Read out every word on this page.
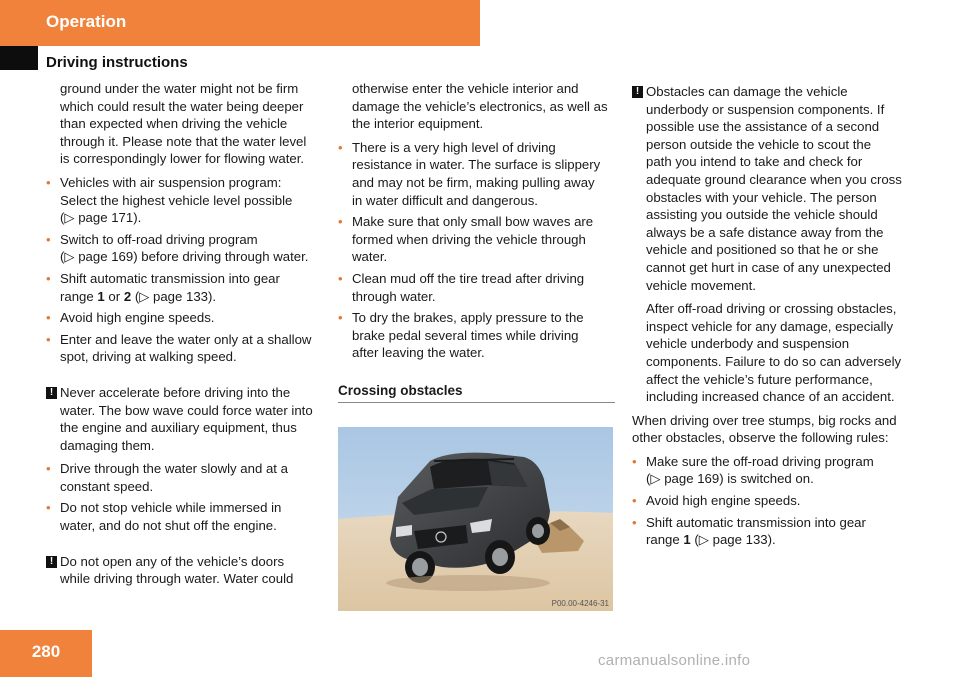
Operation
Driving instructions

ground under the water might not be firm

which could result the water being deeper

than expected when driving the vehicle

through it. Please note that the water level

is correspondingly lower for flowing water.

• Vehicles with air suspension program:

Select the highest vehicle level possible

(▷ page 171).

• Switch to off-road driving program

(▷ page 169) before driving through water.

• Shift automatic transmission into gear

range 1 or 2 (▷ page 133).

• Avoid high engine speeds.

• Enter and leave the water only at a shallow

spot, driving at walking speed.

! Never accelerate before driving into the

water. The bow wave could force water into

the engine and auxiliary equipment, thus

damaging them.

• Drive through the water slowly and at a

constant speed.

• Do not stop vehicle while immersed in

water, and do not shut off the engine.

! Do not open any of the vehicle’s doors

while driving through water. Water could

otherwise enter the vehicle interior and

damage the vehicle’s electronics, as well as

the interior equipment.

• There is a very high level of driving

resistance in water. The surface is slippery

and may not be firm, making pulling away

in water difficult and dangerous.

• Make sure that only small bow waves are

formed when driving the vehicle through

water.

• Clean mud off the tire tread after driving

through water.

• To dry the brakes, apply pressure to the

brake pedal several times while driving

after leaving the water.

Crossing obstacles
P00.00-4246-31
! Obstacles can damage the vehicle

underbody or suspension components. If

possible use the assistance of a second

person outside the vehicle to scout the

path you intend to take and check for

adequate ground clearance when you cross

obstacles with your vehicle. The person

assisting you outside the vehicle should

always be a safe distance away from the

vehicle and positioned so that he or she

cannot get hurt in case of any unexpected

vehicle movement.

After off-road driving or crossing obstacles,

inspect vehicle for any damage, especially

vehicle underbody and suspension

components. Failure to do so can adversely

affect the vehicle’s future performance,

including increased chance of an accident.

When driving over tree stumps, big rocks and

other obstacles, observe the following rules:

• Make sure the off-road driving program

(▷ page 169) is switched on.

• Avoid high engine speeds.

• Shift automatic transmission into gear

range 1 (▷ page 133).

280	carmanualsonline.info
